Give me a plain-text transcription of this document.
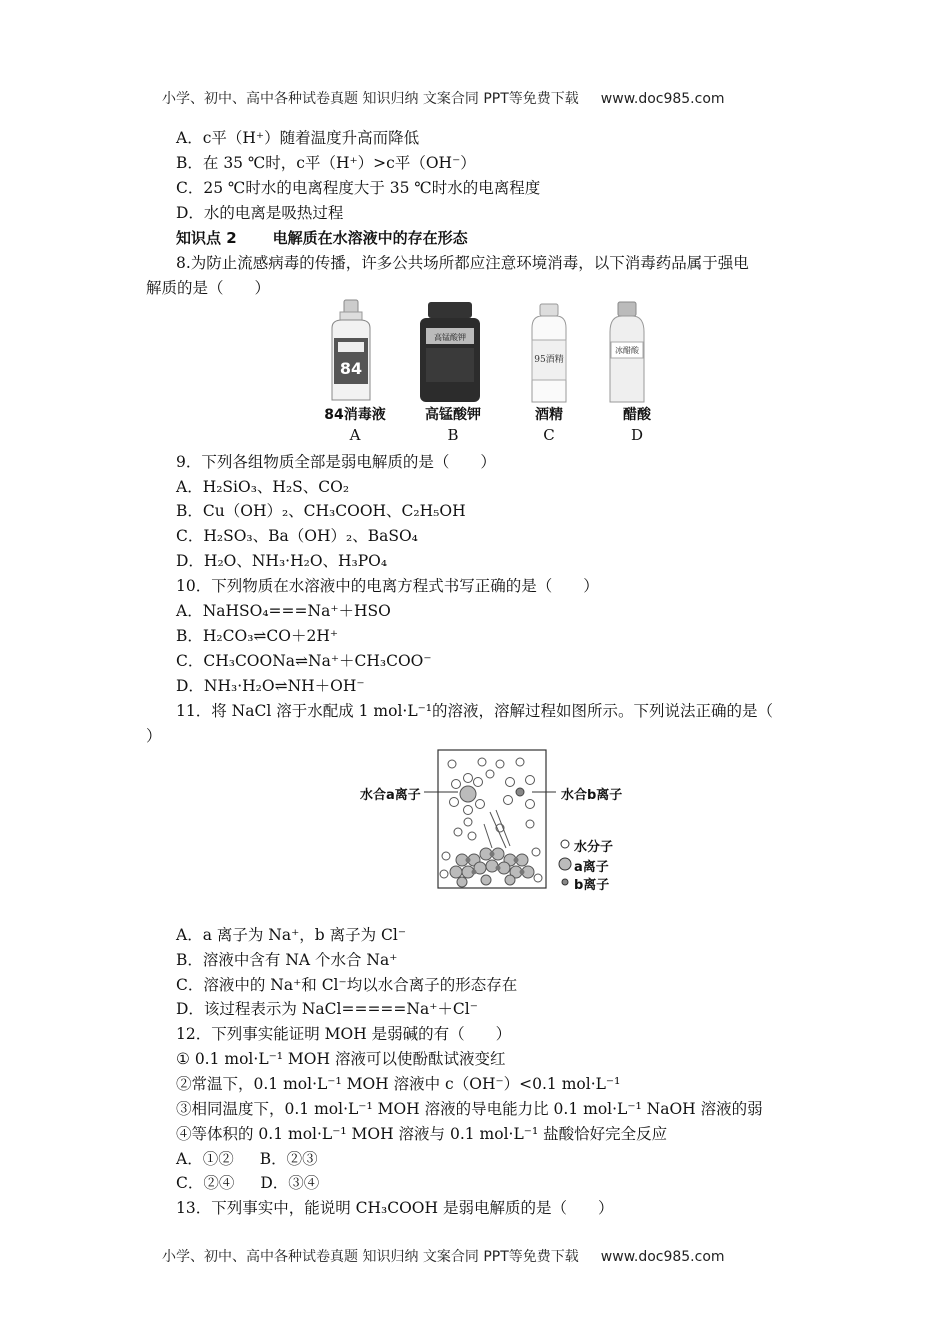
小学、初中、高中各种试卷真题 知识归纳 文案合同 PPT等免费下载 www.doc985.com
A．c平（H⁺）随着温度升高而降低
B．在 35 ℃时，c平（H⁺）>c平（OH⁻）
C．25 ℃时水的电离程度大于 35 ℃时水的电离程度
D．水的电离是吸热过程
知识点 2 电解质在水溶液中的存在形态
8.为防止流感病毒的传播，许多公共场所都应注意环境消毒，以下消毒药品属于强电
解质的是（　　）
84
高锰酸钾
95酒精
冰醋酸
84消毒液	高锰酸钾	酒精	醋酸
A	B	C	D
9．下列各组物质全部是弱电解质的是（　　）
A．H₂SiO₃、H₂S、CO₂
B．Cu（OH）₂、CH₃COOH、C₂H₅OH
C．H₂SO₃、Ba（OH）₂、BaSO₄
D．H₂O、NH₃·H₂O、H₃PO₄
10．下列物质在水溶液中的电离方程式书写正确的是（　　）
A．NaHSO₄===Na⁺＋HSO
B．H₂CO₃⇌CO＋2H⁺
C．CH₃COONa⇌Na⁺＋CH₃COO⁻
D．NH₃·H₂O⇌NH＋OH⁻
11．将 NaCl 溶于水配成 1 mol·L⁻¹的溶液，溶解过程如图所示。下列说法正确的是（
）
水合a离子	水合b离子
水分子
a离子
b离子
A．a 离子为 Na⁺，b 离子为 Cl⁻
B．溶液中含有 NA 个水合 Na⁺
C．溶液中的 Na⁺和 Cl⁻均以水合离子的形态存在
D．该过程表示为 NaCl=====Na⁺＋Cl⁻
12．下列事实能证明 MOH 是弱碱的有（　　）
① 0.1 mol·L⁻¹ MOH 溶液可以使酚酞试液变红
②常温下，0.1 mol·L⁻¹ MOH 溶液中 c（OH⁻）<0.1 mol·L⁻¹
③相同温度下，0.1 mol·L⁻¹ MOH 溶液的导电能力比 0.1 mol·L⁻¹ NaOH 溶液的弱
④等体积的 0.1 mol·L⁻¹ MOH 溶液与 0.1 mol·L⁻¹ 盐酸恰好完全反应
A．①② B．②③
C．②④ D．③④
13．下列事实中，能说明 CH₃COOH 是弱电解质的是（　　）
小学、初中、高中各种试卷真题 知识归纳 文案合同 PPT等免费下载 www.doc985.com
